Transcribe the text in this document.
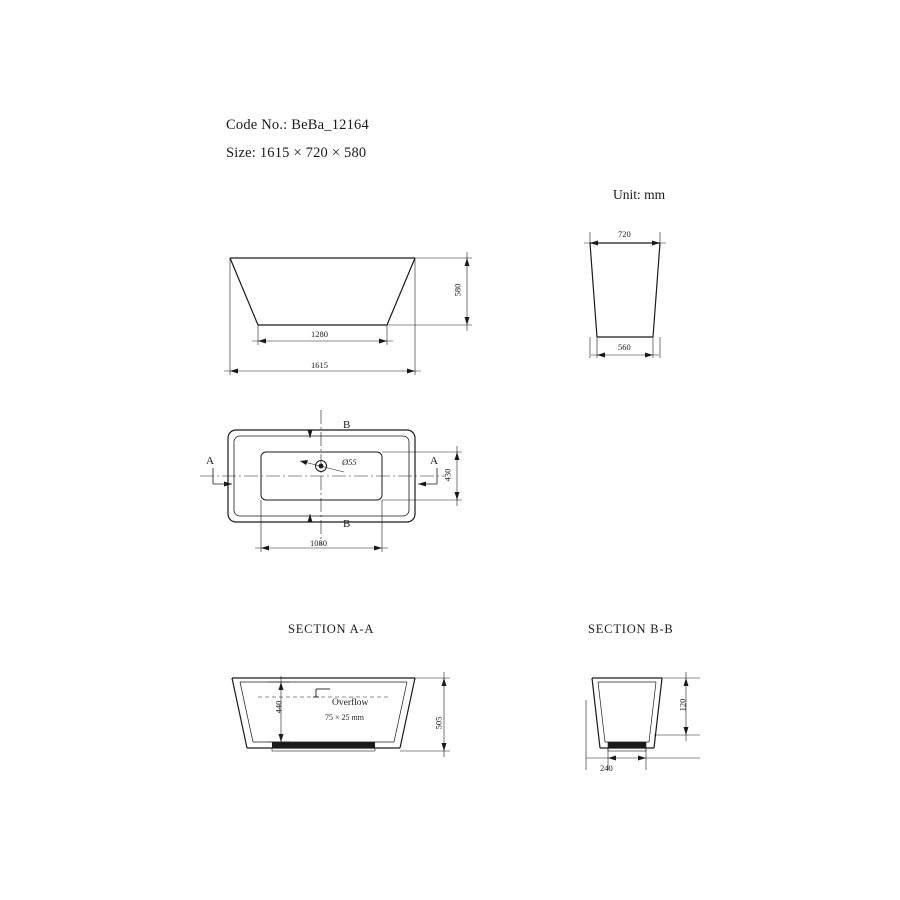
Code No.: BeBa_12164
Size: 1615 × 720 × 580
Unit: mm
1280
1615
580
720
560
A	A
B
B
1080
430
Ø55
SECTION A-A	SECTION B-B
440
505
Overflow
75 × 25 mm
120
240
